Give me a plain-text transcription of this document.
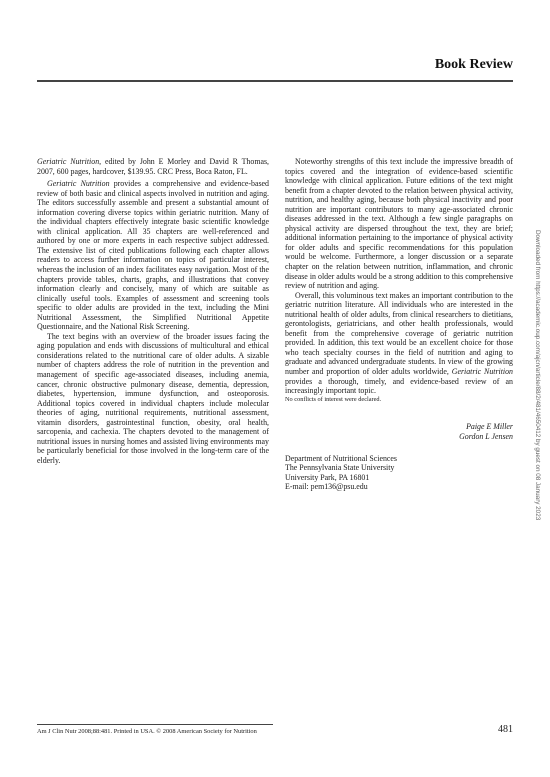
Book Review

Geriatric Nutrition, edited by John E Morley and David R Thomas, 2007, 600 pages, hardcover, $139.95. CRC Press, Boca Raton, FL.

Geriatric Nutrition provides a comprehensive and evidence-based review of both basic and clinical aspects involved in nutrition and aging. The editors successfully assemble and present a substantial amount of information covering diverse topics within geriatric nutrition. Many of the individual chapters effectively integrate basic scientific knowledge with clinical application. All 35 chapters are well-referenced and authored by one or more experts in each respective subject addressed. The extensive list of cited publications following each chapter allows readers to access further information on topics of particular interest, whereas the inclusion of an index facilitates easy navigation. Most of the chapters provide tables, charts, graphs, and illustrations that convey information clearly and concisely, many of which are suitable as clinically useful tools. Examples of assessment and screening tools specific to older adults are provided in the text, including the Mini Nutritional Assessment, the Simplified Nutritional Appetite Questionnaire, and the National Risk Screening.

The text begins with an overview of the broader issues facing the aging population and ends with discussions of multicultural and ethical considerations related to the nutritional care of older adults. A sizable number of chapters address the role of nutrition in the prevention and management of specific age-associated diseases, including anemia, cancer, chronic obstructive pulmonary disease, dementia, depression, diabetes, hypertension, immune dysfunction, and osteoporosis. Additional topics covered in individual chapters include molecular theories of aging, nutritional requirements, nutritional assessment, vitamin disorders, gastrointestinal function, obesity, oral health, sarcopenia, and cachexia. The chapters devoted to the management of nutritional issues in nursing homes and assisted living environments may be particularly beneficial for those involved in the long-term care of the elderly.

Noteworthy strengths of this text include the impressive breadth of topics covered and the integration of evidence-based scientific knowledge with clinical application. Future editions of the text might benefit from a chapter devoted to the relation between physical activity, nutrition, and healthy aging, because both physical inactivity and poor nutrition are important contributors to many age-associated chronic diseases addressed in the text. Although a few single paragraphs on physical activity are dispersed throughout the text, they are brief; additional information pertaining to the importance of physical activity for older adults and specific recommendations for this population would be welcome. Furthermore, a longer discussion or a separate chapter on the relation between nutrition, inflammation, and chronic disease in older adults would be a strong addition to this comprehensive review of nutrition and aging.

Overall, this voluminous text makes an important contribution to the geriatric nutrition literature. All individuals who are interested in the nutritional health of older adults, from clinical researchers to dietitians, gerontologists, geriatricians, and other health professionals, would benefit from the comprehensive coverage of geriatric nutrition provided. In addition, this text would be an excellent choice for those who teach specialty courses in the field of nutrition and aging to graduate and advanced undergraduate students. In view of the growing number and proportion of older adults worldwide, Geriatric Nutrition provides a thorough, timely, and evidence-based review of an increasingly important topic.

No conflicts of interest were declared.

Paige E Miller
Gordon L Jensen
Department of Nutritional Sciences
The Pennsylvania State University
University Park, PA 16801
E-mail: pem136@psu.edu	Downloaded from https://academic.oup.com/ajcn/article/88/2/481/4650412 by guest on 08 January 2023
Am J Clin Nutr 2008;88:481. Printed in USA. © 2008 American Society for Nutrition	481
